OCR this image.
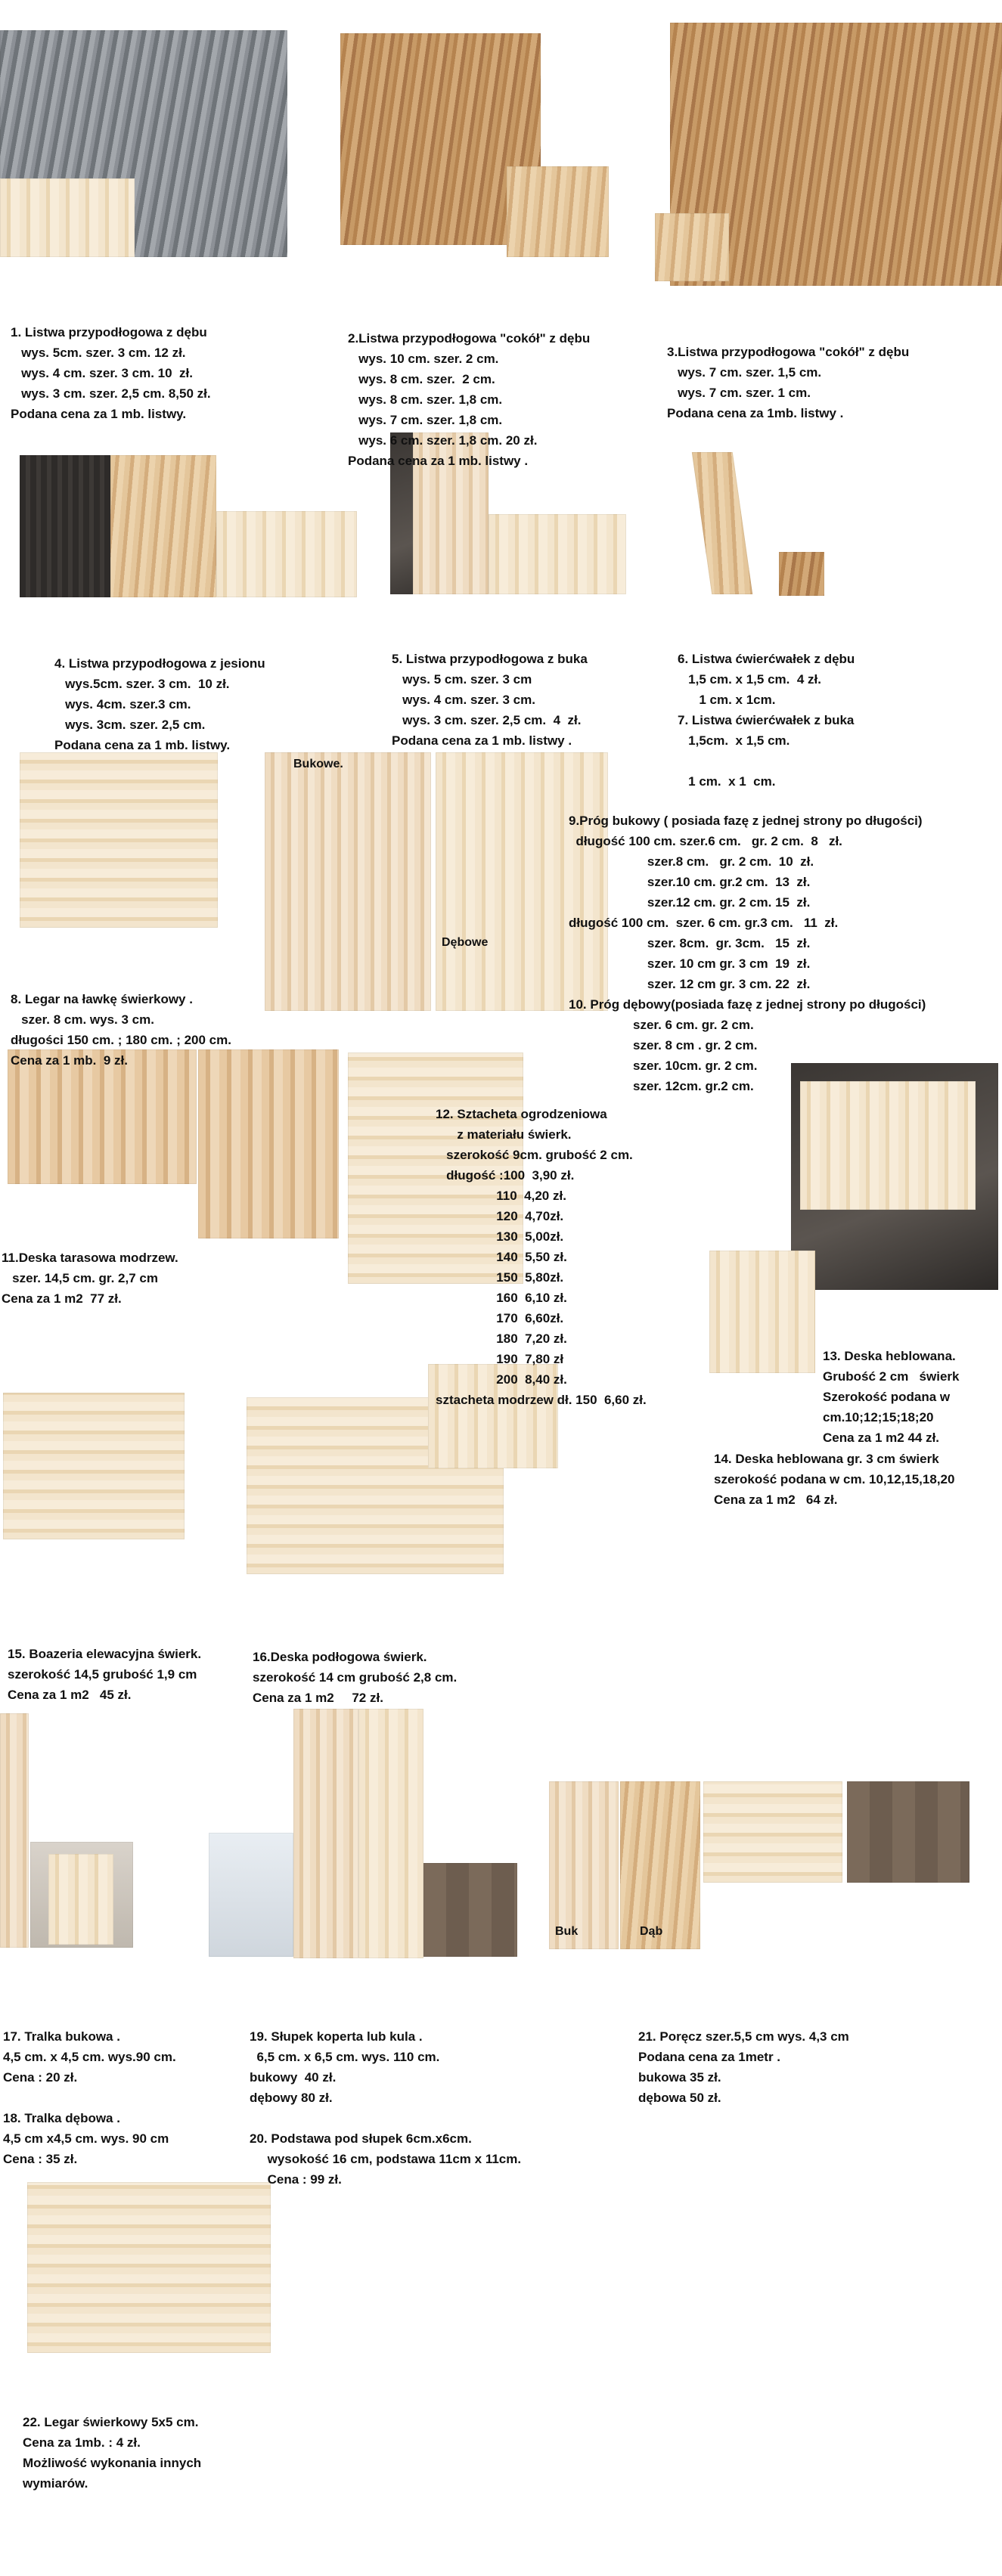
Bukowe.
Dębowe
Buk	Dąb

1. Listwa przypodłogowa z dębu
wys. 5cm. szer. 3 cm. 12 zł.
wys. 4 cm. szer. 3 cm. 10  zł.
wys. 3 cm. szer. 2,5 cm. 8,50 zł.
Podana cena za 1 mb. listwy.

2.Listwa przypodłogowa "cokół" z dębu
wys. 10 cm. szer. 2 cm.
wys. 8 cm. szer.  2 cm.
wys. 8 cm. szer. 1,8 cm.
wys. 7 cm. szer. 1,8 cm.
wys. 6 cm. szer. 1,8 cm. 20 zł.
Podana cena za 1 mb. listwy .

3.Listwa przypodłogowa "cokół" z dębu
wys. 7 cm. szer. 1,5 cm.
wys. 7 cm. szer. 1 cm.
Podana cena za 1mb. listwy .

4. Listwa przypodłogowa z jesionu
wys.5cm. szer. 3 cm.  10 zł.
wys. 4cm. szer.3 cm.
wys. 3cm. szer. 2,5 cm.
Podana cena za 1 mb. listwy.

5. Listwa przypodłogowa z buka
wys. 5 cm. szer. 3 cm
wys. 4 cm. szer. 3 cm.
wys. 3 cm. szer. 2,5 cm.  4  zł.
Podana cena za 1 mb. listwy .

6. Listwa ćwierćwałek z dębu
1,5 cm. x 1,5 cm.  4 zł.
1 cm. x 1cm.
7. Listwa ćwierćwałek z buka
1,5cm.  x 1,5 cm.
1 cm.  x 1  cm.

8. Legar na ławkę świerkowy .
szer. 8 cm. wys. 3 cm.
długości 150 cm. ; 180 cm. ; 200 cm.
Cena za 1 mb.  9 zł.

9.Próg bukowy ( posiada fazę z jednej strony po długości)
długość 100 cm. szer.6 cm.   gr. 2 cm.  8   zł.
szer.8 cm.   gr. 2 cm.  10  zł.
szer.10 cm. gr.2 cm.  13  zł.
szer.12 cm. gr. 2 cm. 15  zł.
długość 100 cm.  szer. 6 cm. gr.3 cm.   11  zł.
szer. 8cm.  gr. 3cm.   15  zł.
szer. 10 cm gr. 3 cm  19  zł.
szer. 12 cm gr. 3 cm. 22  zł.
10. Próg dębowy(posiada fazę z jednej strony po długości)
szer. 6 cm. gr. 2 cm.
szer. 8 cm . gr. 2 cm.
szer. 10cm. gr. 2 cm.
szer. 12cm. gr.2 cm.

11.Deska tarasowa modrzew.
szer. 14,5 cm. gr. 2,7 cm
Cena za 1 m2  77 zł.

12. Sztacheta ogrodzeniowa
z materiału świerk.
szerokość 9cm. grubość 2 cm.
długość :100  3,90 zł.
110  4,20 zł.
120  4,70zł.
130  5,00zł.
140  5,50 zł.
150  5,80zł.
160  6,10 zł.
170  6,60zł.
180  7,20 zł.
190  7,80 zł
200  8,40 zł.
sztacheta modrzew dł. 150  6,60 zł.

13. Deska heblowana.
Grubość 2 cm   świerk
Szerokość podana w
cm.10;12;15;18;20
Cena za 1 m2 44 zł.

14. Deska heblowana gr. 3 cm świerk
szerokość podana w cm. 10,12,15,18,20
Cena za 1 m2   64 zł.

15. Boazeria elewacyjna świerk.
szerokość 14,5 grubość 1,9 cm
Cena za 1 m2   45 zł.

16.Deska podłogowa świerk.
szerokość 14 cm grubość 2,8 cm.
Cena za 1 m2     72 zł.

17. Tralka bukowa .
4,5 cm. x 4,5 cm. wys.90 cm.
Cena : 20 zł.
18. Tralka dębowa .
4,5 cm x4,5 cm. wys. 90 cm
Cena : 35 zł.

19. Słupek koperta lub kula .
6,5 cm. x 6,5 cm. wys. 110 cm.
bukowy  40 zł.
dębowy 80 zł.
20. Podstawa pod słupek 6cm.x6cm.
wysokość 16 cm, podstawa 11cm x 11cm.
Cena : 99 zł.

21. Poręcz szer.5,5 cm wys. 4,3 cm
Podana cena za 1metr .
bukowa 35 zł.
dębowa 50 zł.

22. Legar świerkowy 5x5 cm.
Cena za 1mb. : 4 zł.
Możliwość wykonania innych
wymiarów.
